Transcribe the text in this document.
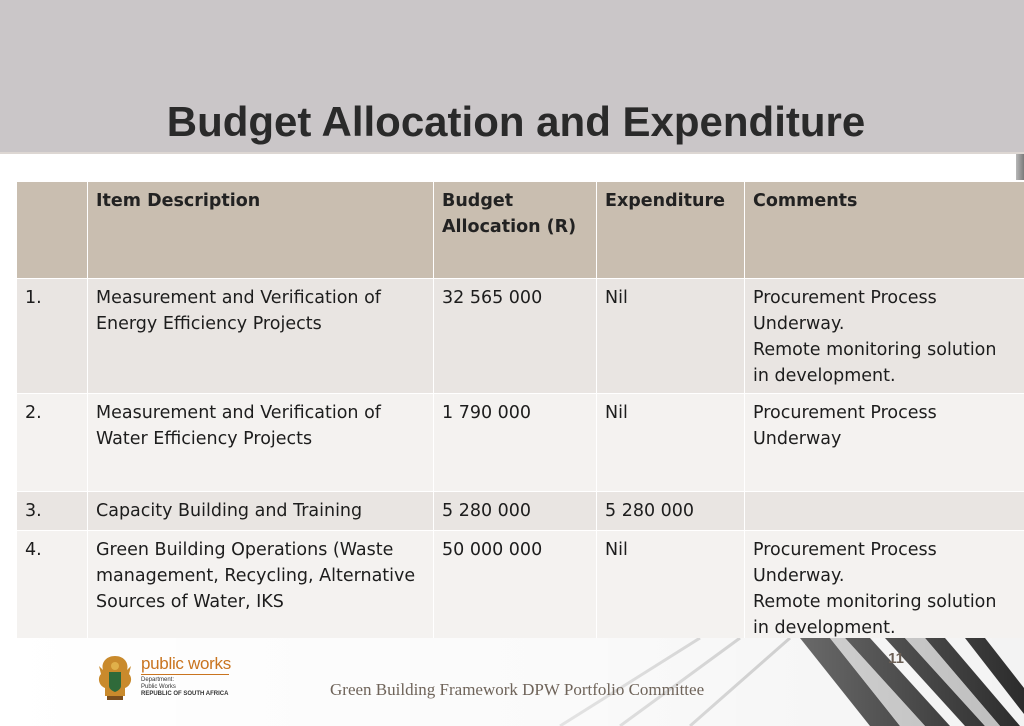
Budget Allocation and Expenditure
	Item Description	Budget Allocation (R)	Expenditure	Comments
1.	Measurement and Verification of Energy Efficiency Projects	32 565 000	Nil	Procurement Process Underway.
Remote monitoring solution in development.

2.	Measurement and Verification of Water Efficiency Projects	1 790 000	Nil	Procurement Process Underway

3.	Capacity Building and Training	5 280 000	5 280 000	

4.	Green Building Operations (Waste management, Recycling, Alternative Sources of Water, IKS	50 000 000	Nil	Procurement Process Underway.
Remote monitoring solution in development.
public works
Department:
Public Works
REPUBLIC OF SOUTH AFRICA
11
Green Building Framework DPW Portfolio Committee
